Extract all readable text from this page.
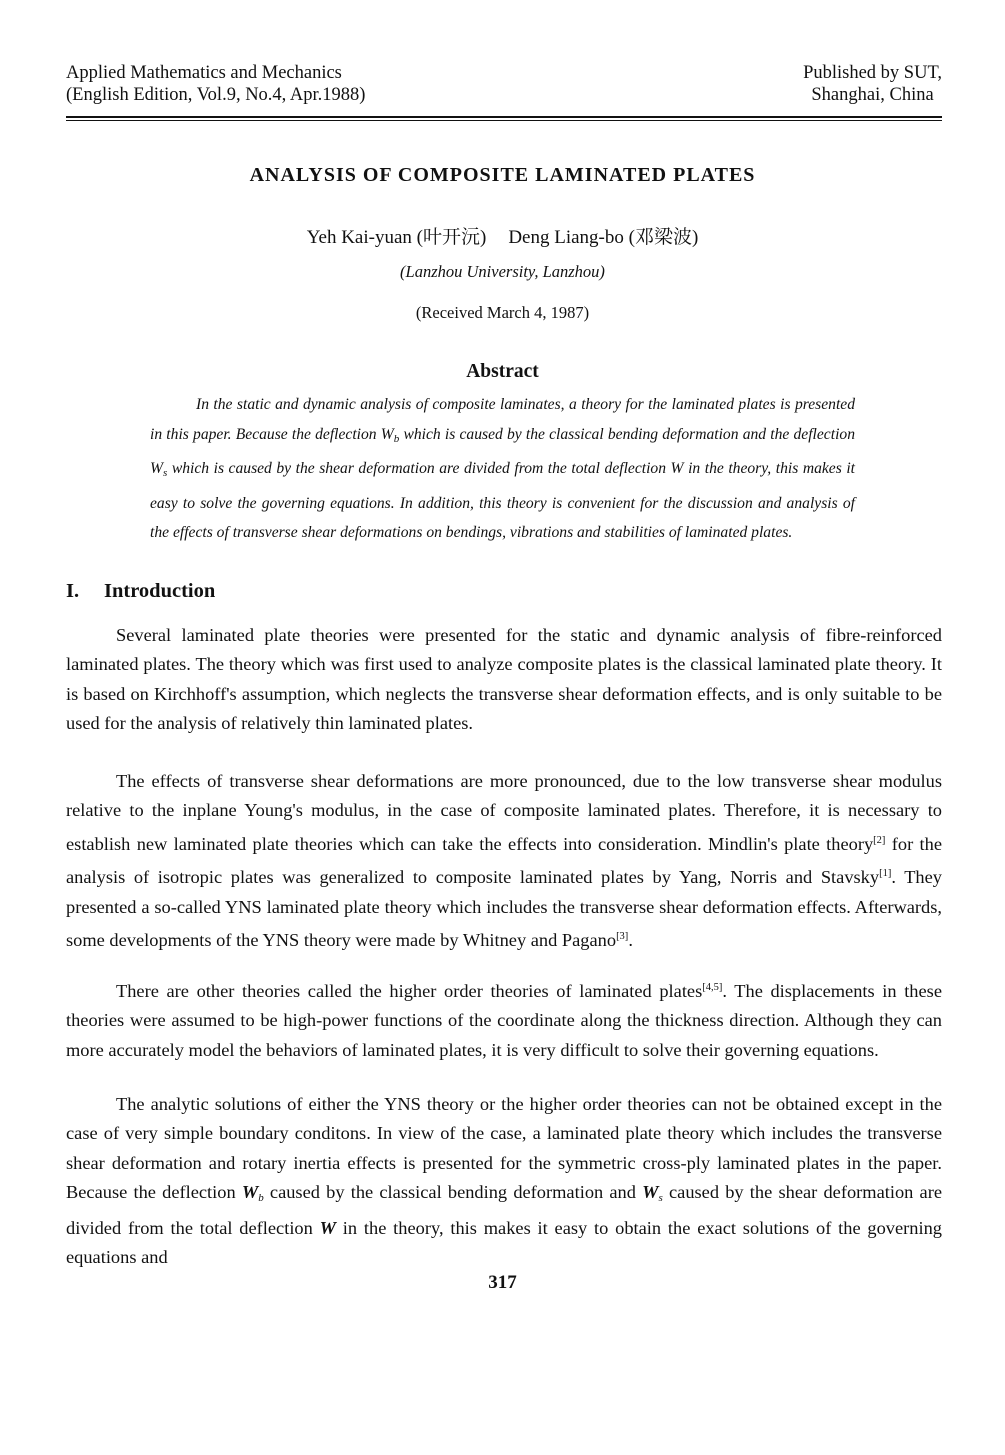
Applied Mathematics and Mechanics
(English Edition, Vol.9, No.4, Apr.1988)
Published by SUT,
Shanghai, China
ANALYSIS OF COMPOSITE LAMINATED PLATES
Yeh Kai-yuan (叶开沅) Deng Liang-bo (邓梁波)
(Lanzhou University, Lanzhou)
(Received March 4, 1987)
Abstract
In the static and dynamic analysis of composite laminates, a theory for the laminated plates is presented in this paper. Because the deflection $W_b$ which is caused by the classical bending deformation and the deflection $W_s$ which is caused by the shear deformation are divided from the total deflection W in the theory, this makes it easy to solve the governing equations. In addition, this theory is convenient for the discussion and analysis of the effects of transverse shear deformations on bendings, vibrations and stabilities of laminated plates.
I. Introduction
Several laminated plate theories were presented for the static and dynamic analysis of fibre-reinforced laminated plates. The theory which was first used to analyze composite plates is the classical laminated plate theory. It is based on Kirchhoff's assumption, which neglects the transverse shear deformation effects, and is only suitable to be used for the analysis of relatively thin laminated plates.
The effects of transverse shear deformations are more pronounced, due to the low transverse shear modulus relative to the inplane Young's modulus, in the case of composite laminated plates. Therefore, it is necessary to establish new laminated plate theories which can take the effects into consideration. Mindlin's plate theory[2] for the analysis of isotropic plates was generalized to composite laminated plates by Yang, Norris and Stavsky[1]. They presented a so-called YNS laminated plate theory which includes the transverse shear deformation effects. Afterwards, some developments of the YNS theory were made by Whitney and Pagano[3].
There are other theories called the higher order theories of laminated plates[4,5]. The displacements in these theories were assumed to be high-power functions of the coordinate along the thickness direction. Although they can more accurately model the behaviors of laminated plates, it is very difficult to solve their governing equations.
The analytic solutions of either the YNS theory or the higher order theories can not be obtained except in the case of very simple boundary conditons. In view of the case, a laminated plate theory which includes the transverse shear deformation and rotary inertia effects is presented for the symmetric cross-ply laminated plates in the paper. Because the deflection $W_b$ caused by the classical bending deformation and $W_s$ caused by the shear deformation are divided from the total deflection W in the theory, this makes it easy to obtain the exact solutions of the governing equations and
317
